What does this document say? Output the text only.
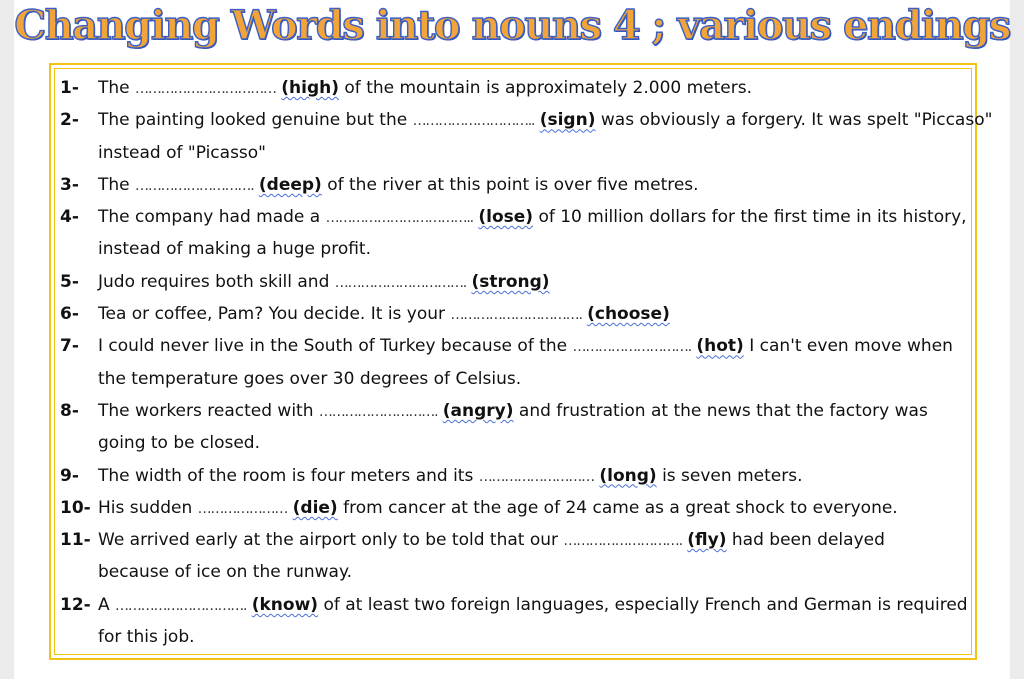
Changing Words into nouns 4 ; various endings
1-	The …………………………… (high) of the mountain is approximately 2.000 meters.
2-	The painting looked genuine but the ……………………….. (sign) was obviously a forgery. It was spelt "Piccaso"
instead of "Picasso"
3-	The ………………………. (deep) of the river at this point is over five metres.
4-	The company had made a …………………………….. (lose) of 10 million dollars for the first time in its history,
instead of making a huge profit.
5-	Judo requires both skill and …………………………. (strong)
6-	Tea or coffee, Pam? You decide. It is your …………………………. (choose)
7-	I could never live in the South of Turkey because of the ………………………. (hot) I can't even move when
the temperature goes over 30 degrees of Celsius.
8-	The workers reacted with ………………………. (angry) and frustration at the news that the factory was
going to be closed.
9-	The width of the room is four meters and its ……………………… (long) is seven meters.
10- His sudden ………………… (die) from cancer at the age of 24 came as a great shock to everyone.
11- We arrived early at the airport only to be told that our ………………………. (fly) had been delayed
because of ice on the runway.
12- A …………………………. (know) of at least two foreign languages, especially French and German is required
for this job.
